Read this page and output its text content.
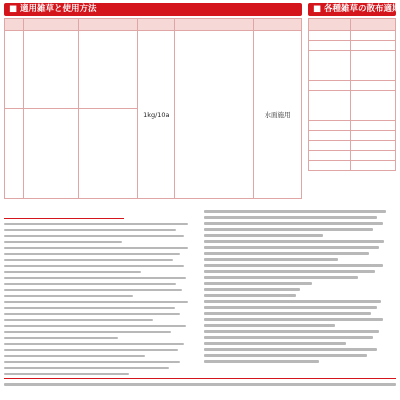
■ 適用雑草と使用方法	■ 各種雑草の散布適期

			1kg/10a		水面施用
